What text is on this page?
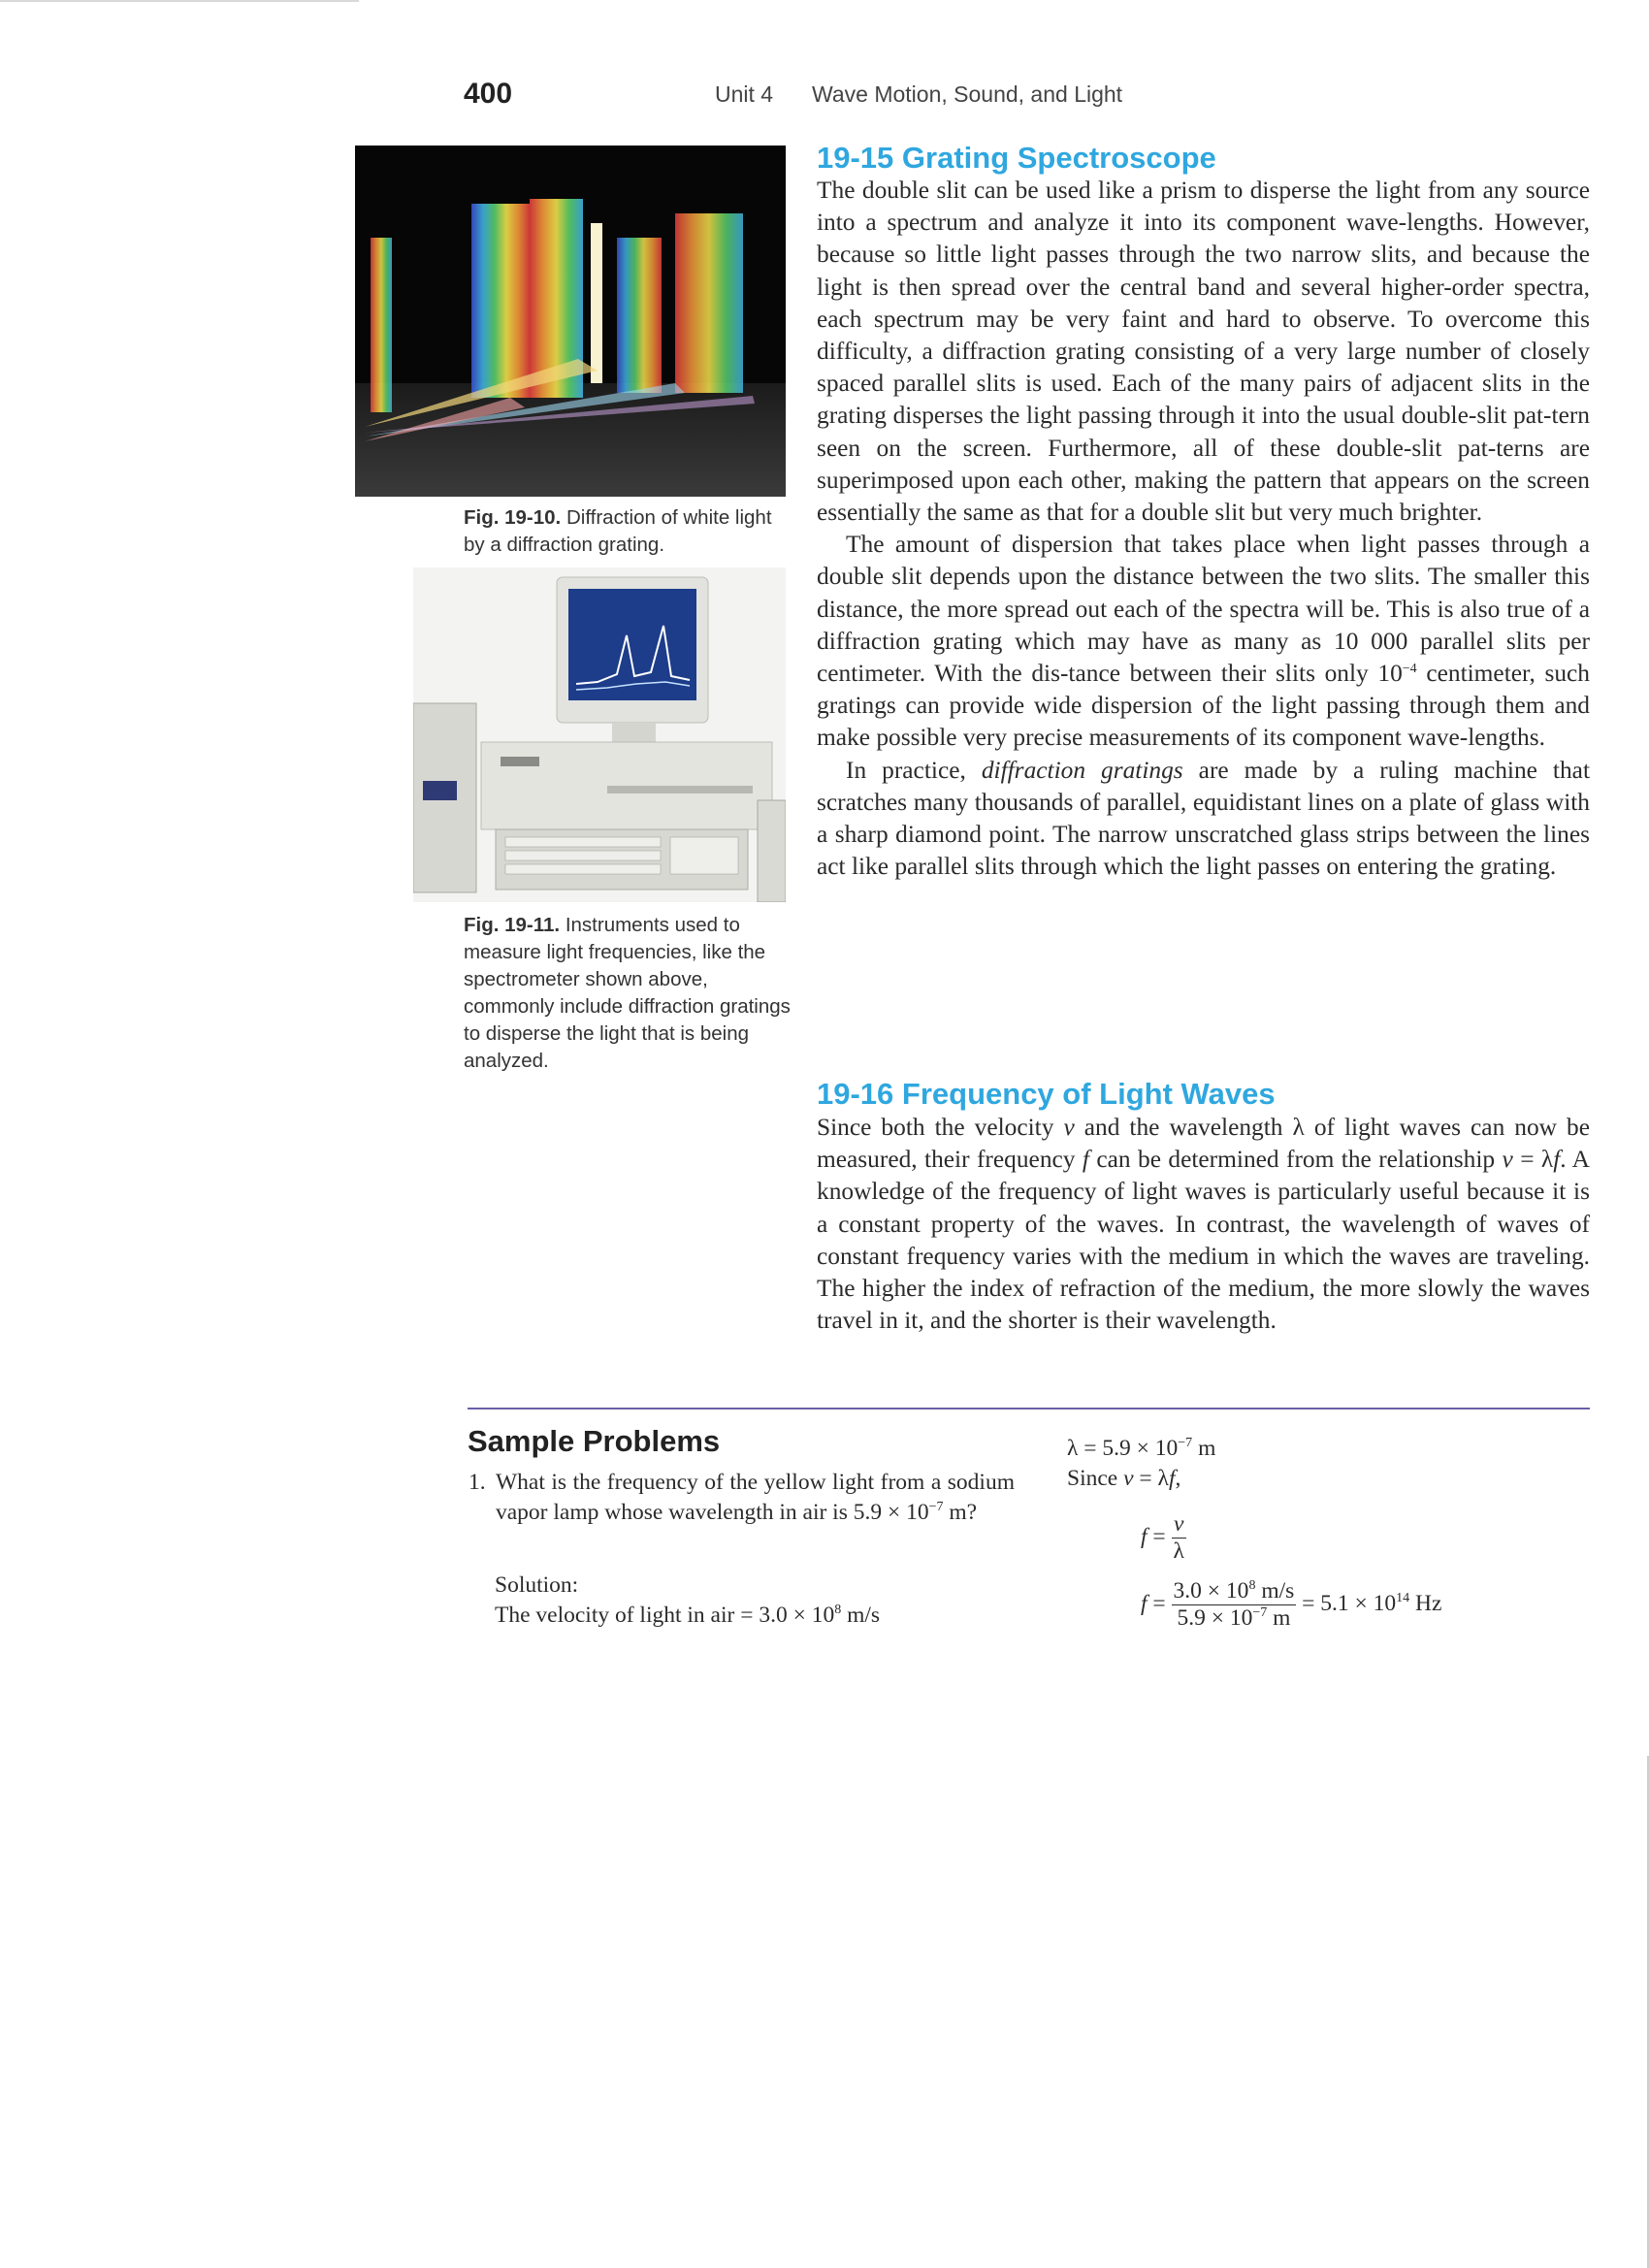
400	Unit 4 Wave Motion, Sound, and Light
Fig. 19-10. Diffraction of white light by a diffraction grating.
Fig. 19-11. Instruments used to measure light frequencies, like the spectrometer shown above, commonly include diffraction gratings to disperse the light that is being analyzed.
19-15 Grating Spectroscope

The double slit can be used like a prism to disperse the light from any source into a spectrum and analyze it into its component wave-lengths. However, because so little light passes through the two narrow slits, and because the light is then spread over the central band and several higher-order spectra, each spectrum may be very faint and hard to observe. To overcome this difficulty, a diffraction grating consisting of a very large number of closely spaced parallel slits is used. Each of the many pairs of adjacent slits in the grating disperses the light passing through it into the usual double-slit pat-tern seen on the screen. Furthermore, all of these double-slit pat-terns are superimposed upon each other, making the pattern that appears on the screen essentially the same as that for a double slit but very much brighter.

The amount of dispersion that takes place when light passes through a double slit depends upon the distance between the two slits. The smaller this distance, the more spread out each of the spectra will be. This is also true of a diffraction grating which may have as many as 10 000 parallel slits per centimeter. With the dis-tance between their slits only $10^{-4}$ centimeter, such gratings can provide wide dispersion of the light passing through them and make possible very precise measurements of its component wave-lengths.

In practice, diffraction gratings are made by a ruling machine that scratches many thousands of parallel, equidistant lines on a plate of glass with a sharp diamond point. The narrow unscratched glass strips between the lines act like parallel slits through which the light passes on entering the grating.

19-16 Frequency of Light Waves

Since both the velocity v and the wavelength λ of light waves can now be measured, their frequency f can be determined from the relationship v = λf. A knowledge of the frequency of light waves is particularly useful because it is a constant property of the waves. In contrast, the wavelength of waves of constant frequency varies with the medium in which the waves are traveling. The higher the index of refraction of the medium, the more slowly the waves travel in it, and the shorter is their wavelength.

Sample Problems
1. What is the frequency of the yellow light from a sodium vapor lamp whose wavelength in air is $5.9 \times 10^{-7}$ m?
Solution:
The velocity of light in air = $3.0 \times 10^8$ m/s
$\lambda = 5.9 \times 10^{-7}$ m
Since v = λf,
$f = \frac{v}{\lambda}$
$f = \frac{3.0 \times 10^8 m/s}{5.9 \times 10^{-7} m} = 5.1 \times 10^{14}$ Hz
